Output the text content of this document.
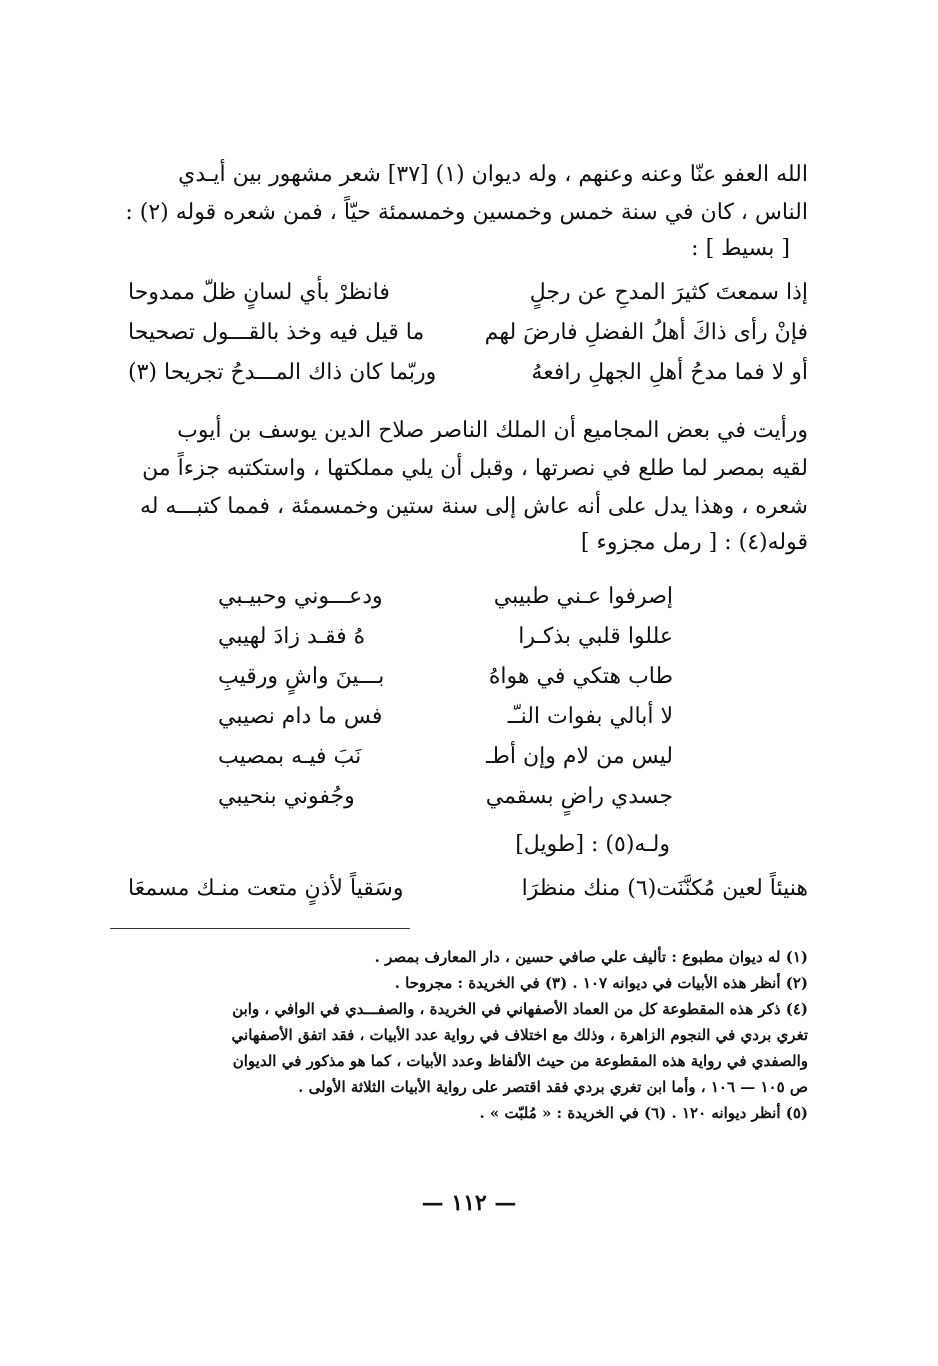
الله العفو عنّا وعنه وعنهم ، وله ديوان (١) [٣٧] شعر مشهور بين أيـدي
الناس ، كان في سنة خمس وخمسين وخمسمئة حيّاً ، فمن شعره قوله (٢) :
[ بسيط ] :
إذا سمعتَ كثيرَ المدحِ عن رجلٍ
فانظرْ بأي لسانٍ ظلّ ممدوحا
فإنْ رأى ذاكَ أهلُ الفضلِ فارضَ لهم
ما قيل فيه وخذ بالقـــول تصحيحا
أو لا فما مدحُ أهلِ الجهلِ رافعهُ
وربّما كان ذاك المـــدحُ تجريحا (٣)
ورأيت في بعض المجاميع أن الملك الناصر صلاح الدين يوسف بن أيوب
لقيه بمصر لما طلع في نصرتها ، وقبل أن يلي مملكتها ، واستكتبه جزءاً من
شعره ، وهذا يدل على أنه عاش إلى سنة ستين وخمسمئة ، فمما كتبـــه له
قوله(٤) : [ رمل مجزوء ]
إصرفوا عـني طبيبي
ودعـــوني وحبيـبي
عللوا قلبي بذكـرا
هُ فقـد زادَ لهيبي
طاب هتكي في هواهُ
بـــينَ واشٍ ورقيبِ
لا أبالي بفوات النـّـ
فس ما دام نصيبي
ليس من لام وإن أطـ
نَبَ فيـه بمصيب
جسدي راضٍ بسقمي
وجُفوني بنحيبي
ولـه(٥) : [طويل]
هنيئاً لعين مُكنَّنَت(٦) منك منظرَا
وسَقياً لأذنٍ متعت منـك مسمعَا
(١) له ديوان مطبوع : تأليف علي صافي حسين ، دار المعارف بمصر .
(٢) أنظر هذه الأبيات في ديوانه ١٠٧ . (٣) في الخريدة : مجروحا .
(٤) ذكر هذه المقطوعة كل من العماد الأصفهاني في الخريدة ، والصفـــدي في الوافي ، وابن
تغري بردي في النجوم الزاهرة ، وذلك مع اختلاف في رواية عدد الأبيات ، فقد اتفق الأصفهاني
والصفدي في رواية هذه المقطوعة من حيث الألفاظ وعدد الأبيات ، كما هو مذكور في الديوان
ص ١٠٥ — ١٠٦ ، وأما ابن تغري بردي فقد اقتصر على رواية الأبيات الثلاثة الأولى .
(٥) أنظر ديوانه ١٢٠ . (٦) في الخريدة : « مُلبّت » .
— ١١٢ —
